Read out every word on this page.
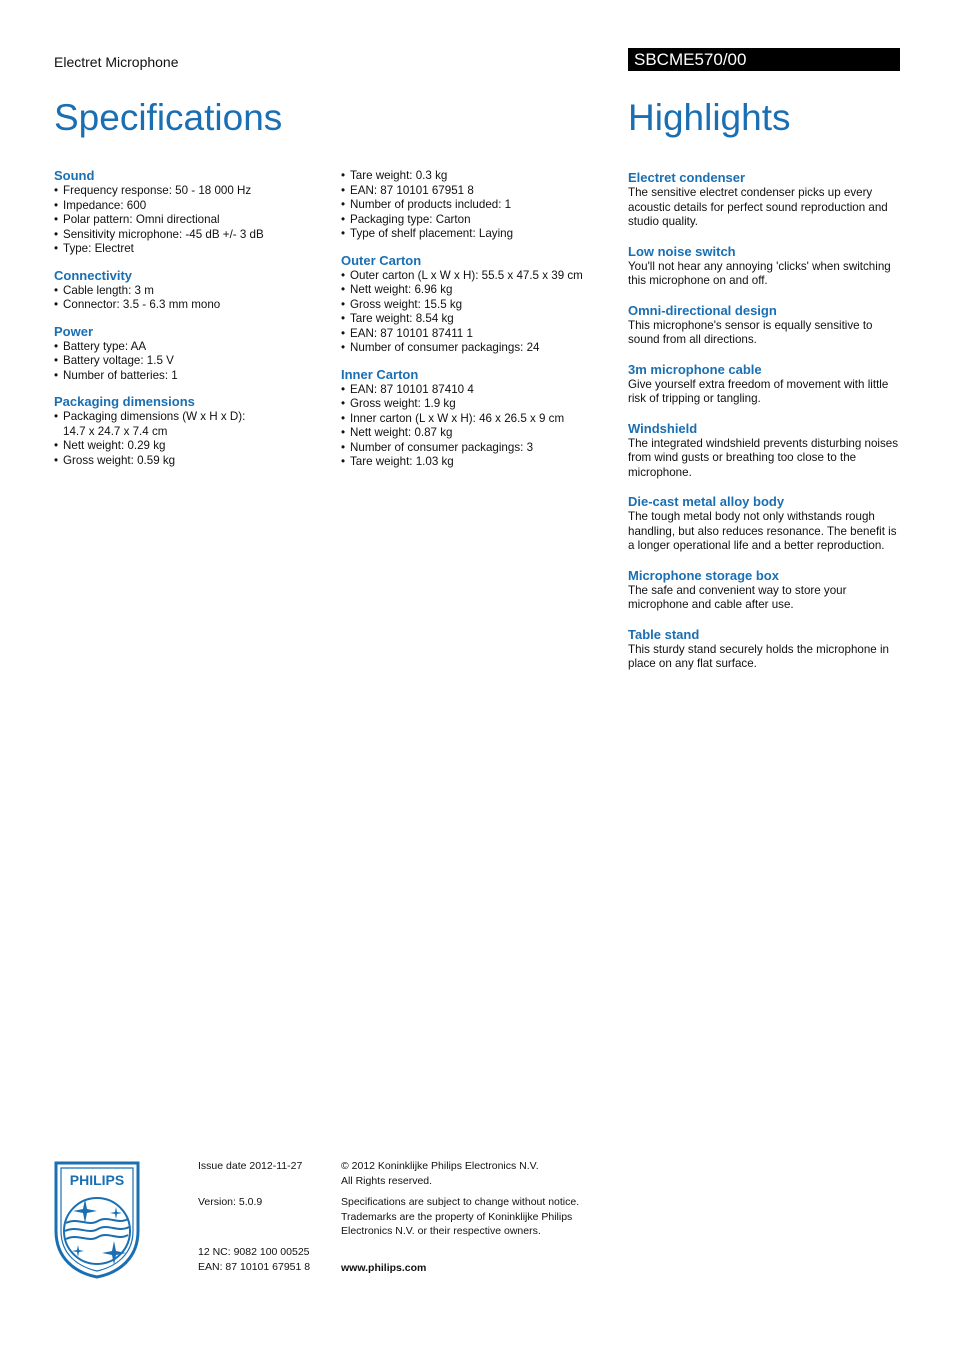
Electret Microphone	SBCME570/00
Specifications	Highlights
Sound
• Frequency response: 50 - 18 000 Hz
• Impedance: 600
• Polar pattern: Omni directional
• Sensitivity microphone: -45 dB +/- 3 dB
• Type: Electret
Connectivity
• Cable length: 3 m
• Connector: 3.5 - 6.3 mm mono
Power
• Battery type: AA
• Battery voltage: 1.5 V
• Number of batteries: 1
Packaging dimensions
• Packaging dimensions (W x H x D): 14.7 x 24.7 x 7.4 cm
• Nett weight: 0.29 kg
• Gross weight: 0.59 kg
• Tare weight: 0.3 kg
• EAN: 87 10101 67951 8
• Number of products included: 1
• Packaging type: Carton
• Type of shelf placement: Laying
Outer Carton
• Outer carton (L x W x H): 55.5 x 47.5 x 39 cm
• Nett weight: 6.96 kg
• Gross weight: 15.5 kg
• Tare weight: 8.54 kg
• EAN: 87 10101 87411 1
• Number of consumer packagings: 24
Inner Carton
• EAN: 87 10101 87410 4
• Gross weight: 1.9 kg
• Inner carton (L x W x H): 46 x 26.5 x 9 cm
• Nett weight: 0.87 kg
• Number of consumer packagings: 3
• Tare weight: 1.03 kg
Electret condenser
The sensitive electret condenser picks up every acoustic details for perfect sound reproduction and studio quality.
Low noise switch
You'll not hear any annoying 'clicks' when switching this microphone on and off.
Omni-directional design
This microphone's sensor is equally sensitive to sound from all directions.
3m microphone cable
Give yourself extra freedom of movement with little risk of tripping or tangling.
Windshield
The integrated windshield prevents disturbing noises from wind gusts or breathing too close to the microphone.
Die-cast metal alloy body
The tough metal body not only withstands rough handling, but also reduces resonance. The benefit is a longer operational life and a better reproduction.
Microphone storage box
The safe and convenient way to store your microphone and cable after use.
Table stand
This sturdy stand securely holds the microphone in place on any flat surface.
PHILIPS

Issue date 2012-11-27

Version: 5.0.9

12 NC: 9082 100 00525

EAN: 87 10101 67951 8

© 2012 Koninklijke Philips Electronics N.V.

All Rights reserved.

Specifications are subject to change without notice.

Trademarks are the property of Koninklijke Philips

Electronics N.V. or their respective owners.

www.philips.com
